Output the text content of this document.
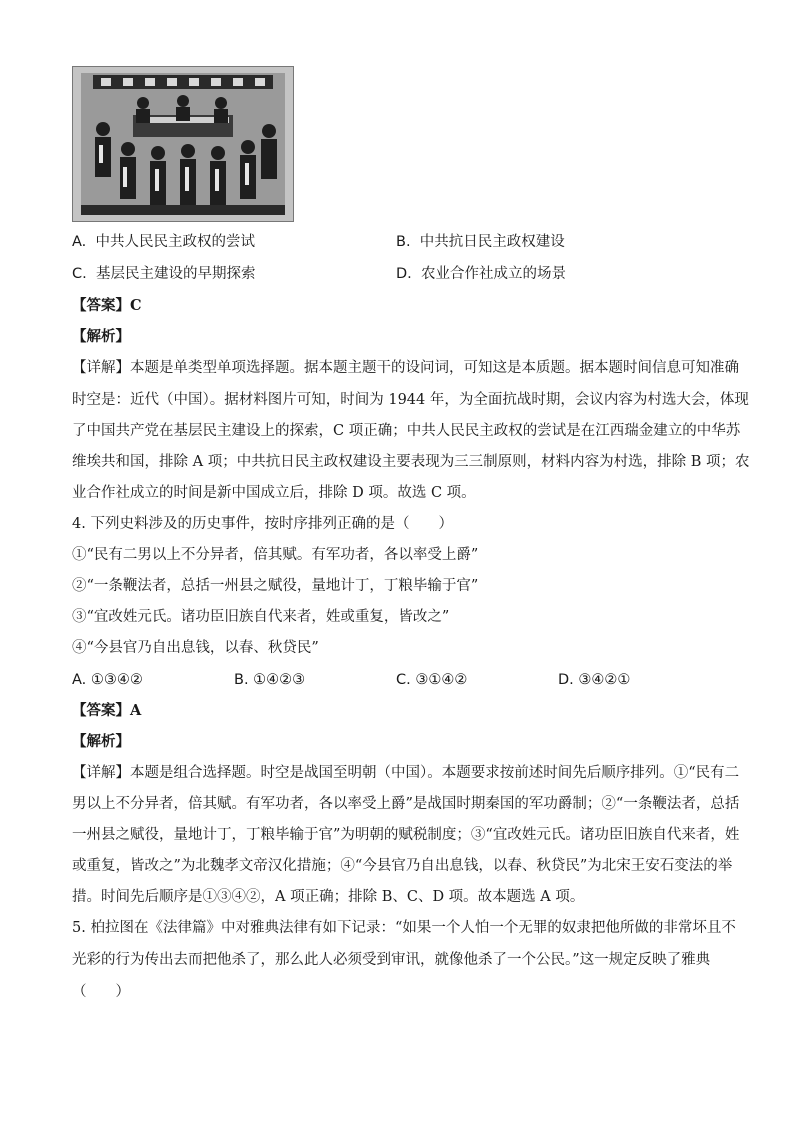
A. 中共人民民主政权的尝试	B. 中共抗日民主政权建设
C. 基层民主建设的早期探索	D. 农业合作社成立的场景
【答案】C
【解析】
【详解】本题是单类型单项选择题。据本题主题干的设问词，可知这是本质题。据本题时间信息可知准确
时空是：近代（中国）。据材料图片可知，时间为 1944 年，为全面抗战时期，会议内容为村选大会，体现
了中国共产党在基层民主建设上的探索，C 项正确；中共人民民主政权的尝试是在江西瑞金建立的中华苏
维埃共和国，排除 A 项；中共抗日民主政权建设主要表现为三三制原则，材料内容为村选，排除 B 项；农
业合作社成立的时间是新中国成立后，排除 D 项。故选 C 项。
4. 下列史料涉及的历史事件，按时序排列正确的是（　　）
①“民有二男以上不分异者，倍其赋。有军功者，各以率受上爵”
②“一条鞭法者，总括一州县之赋役，量地计丁，丁粮毕输于官”
③“宜改姓元氏。诸功臣旧族自代来者，姓或重复，皆改之”
④“今县官乃自出息钱，以春、秋贷民”
A. ①③④②	B. ①④②③	C. ③①④②	D. ③④②①
【答案】A
【解析】
【详解】本题是组合选择题。时空是战国至明朝（中国）。本题要求按前述时间先后顺序排列。①“民有二
男以上不分异者，倍其赋。有军功者，各以率受上爵”是战国时期秦国的军功爵制；②“一条鞭法者，总括
一州县之赋役，量地计丁，丁粮毕输于官”为明朝的赋税制度；③“宜改姓元氏。诸功臣旧族自代来者，姓
或重复，皆改之”为北魏孝文帝汉化措施；④“今县官乃自出息钱，以春、秋贷民”为北宋王安石变法的举
措。时间先后顺序是①③④②，A 项正确；排除 B、C、D 项。故本题选 A 项。
5. 柏拉图在《法律篇》中对雅典法律有如下记录：“如果一个人怕一个无罪的奴隶把他所做的非常坏且不
光彩的行为传出去而把他杀了，那么此人必须受到审讯，就像他杀了一个公民。”这一规定反映了雅典
（　　）
